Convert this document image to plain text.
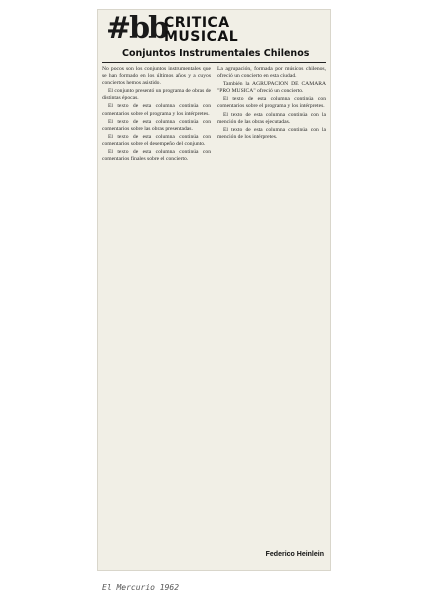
#bb
CRITICA
MUSICAL
Conjuntos Instrumentales Chilenos

No pocos son los conjuntos instrumentales que se han formado en los últimos años y a cuyos conciertos hemos asistido.

El conjunto presentó un programa de obras de distintas épocas.

El texto de esta columna continúa con comentarios sobre el programa y los intérpretes.

El texto de esta columna continúa con comentarios sobre las obras presentadas.

El texto de esta columna continúa con comentarios sobre el desempeño del conjunto.

El texto de esta columna continúa con comentarios finales sobre el concierto.

La agrupación, formada por músicos chilenos, ofreció un concierto en esta ciudad.

También la AGRUPACION DE CAMARA "PRO MUSICA" ofreció un concierto.

El texto de esta columna continúa con comentarios sobre el programa y los intérpretes.

El texto de esta columna continúa con la mención de las obras ejecutadas.

El texto de esta columna continúa con la mención de los intérpretes.

Federico Heinlein
El Mercurio 1962
